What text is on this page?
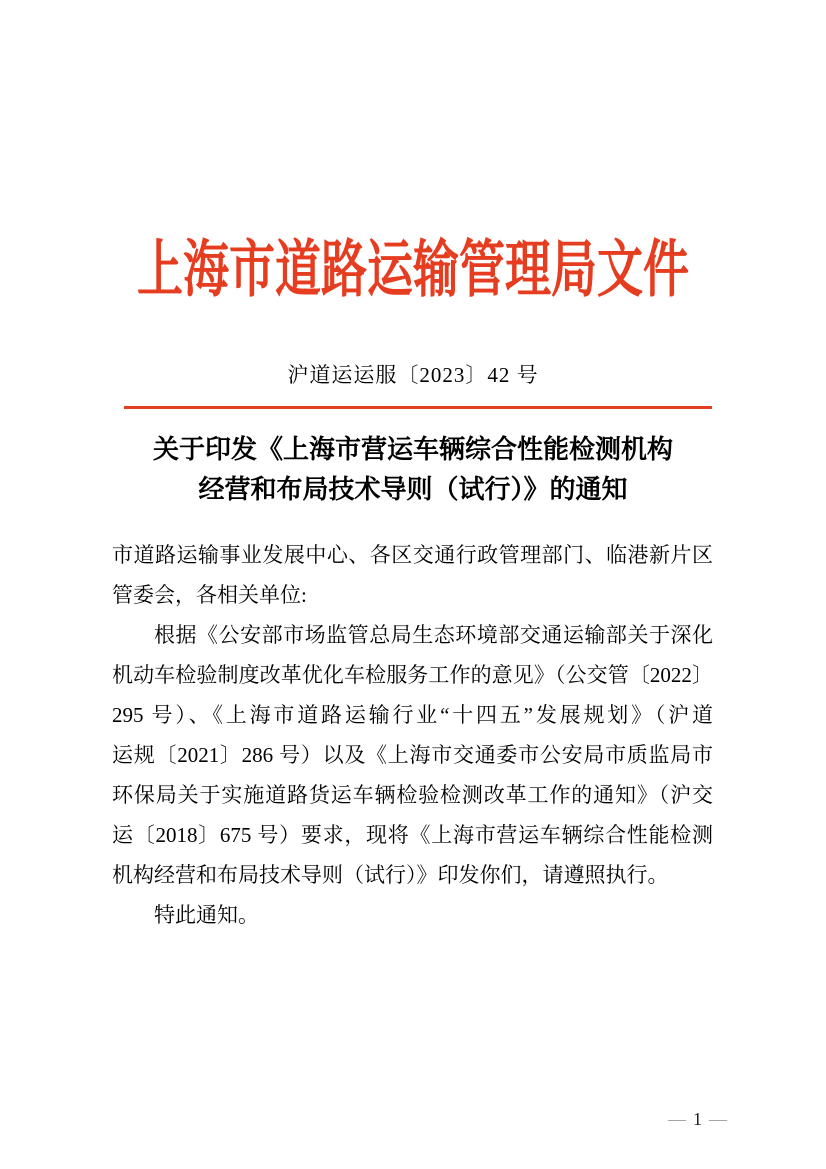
上海市道路运输管理局文件
沪道运运服〔2023〕42 号
关于印发《上海市营运车辆综合性能检测机构
经营和布局技术导则（试行）》的通知
市道路运输事业发展中心、各区交通行政管理部门、临港新片区
管委会，各相关单位:
根据《公安部市场监管总局生态环境部交通运输部关于深化
机动车检验制度改革优化车检服务工作的意见》（公交管〔2022〕
295 号）、《上海市道路运输行业“十四五”发展规划》（沪道
运规〔2021〕286 号）以及《上海市交通委市公安局市质监局市
环保局关于实施道路货运车辆检验检测改革工作的通知》（沪交
运〔2018〕675 号）要求，现将《上海市营运车辆综合性能检测
机构经营和布局技术导则（试行）》印发你们，请遵照执行。
特此通知。
— 1 —
